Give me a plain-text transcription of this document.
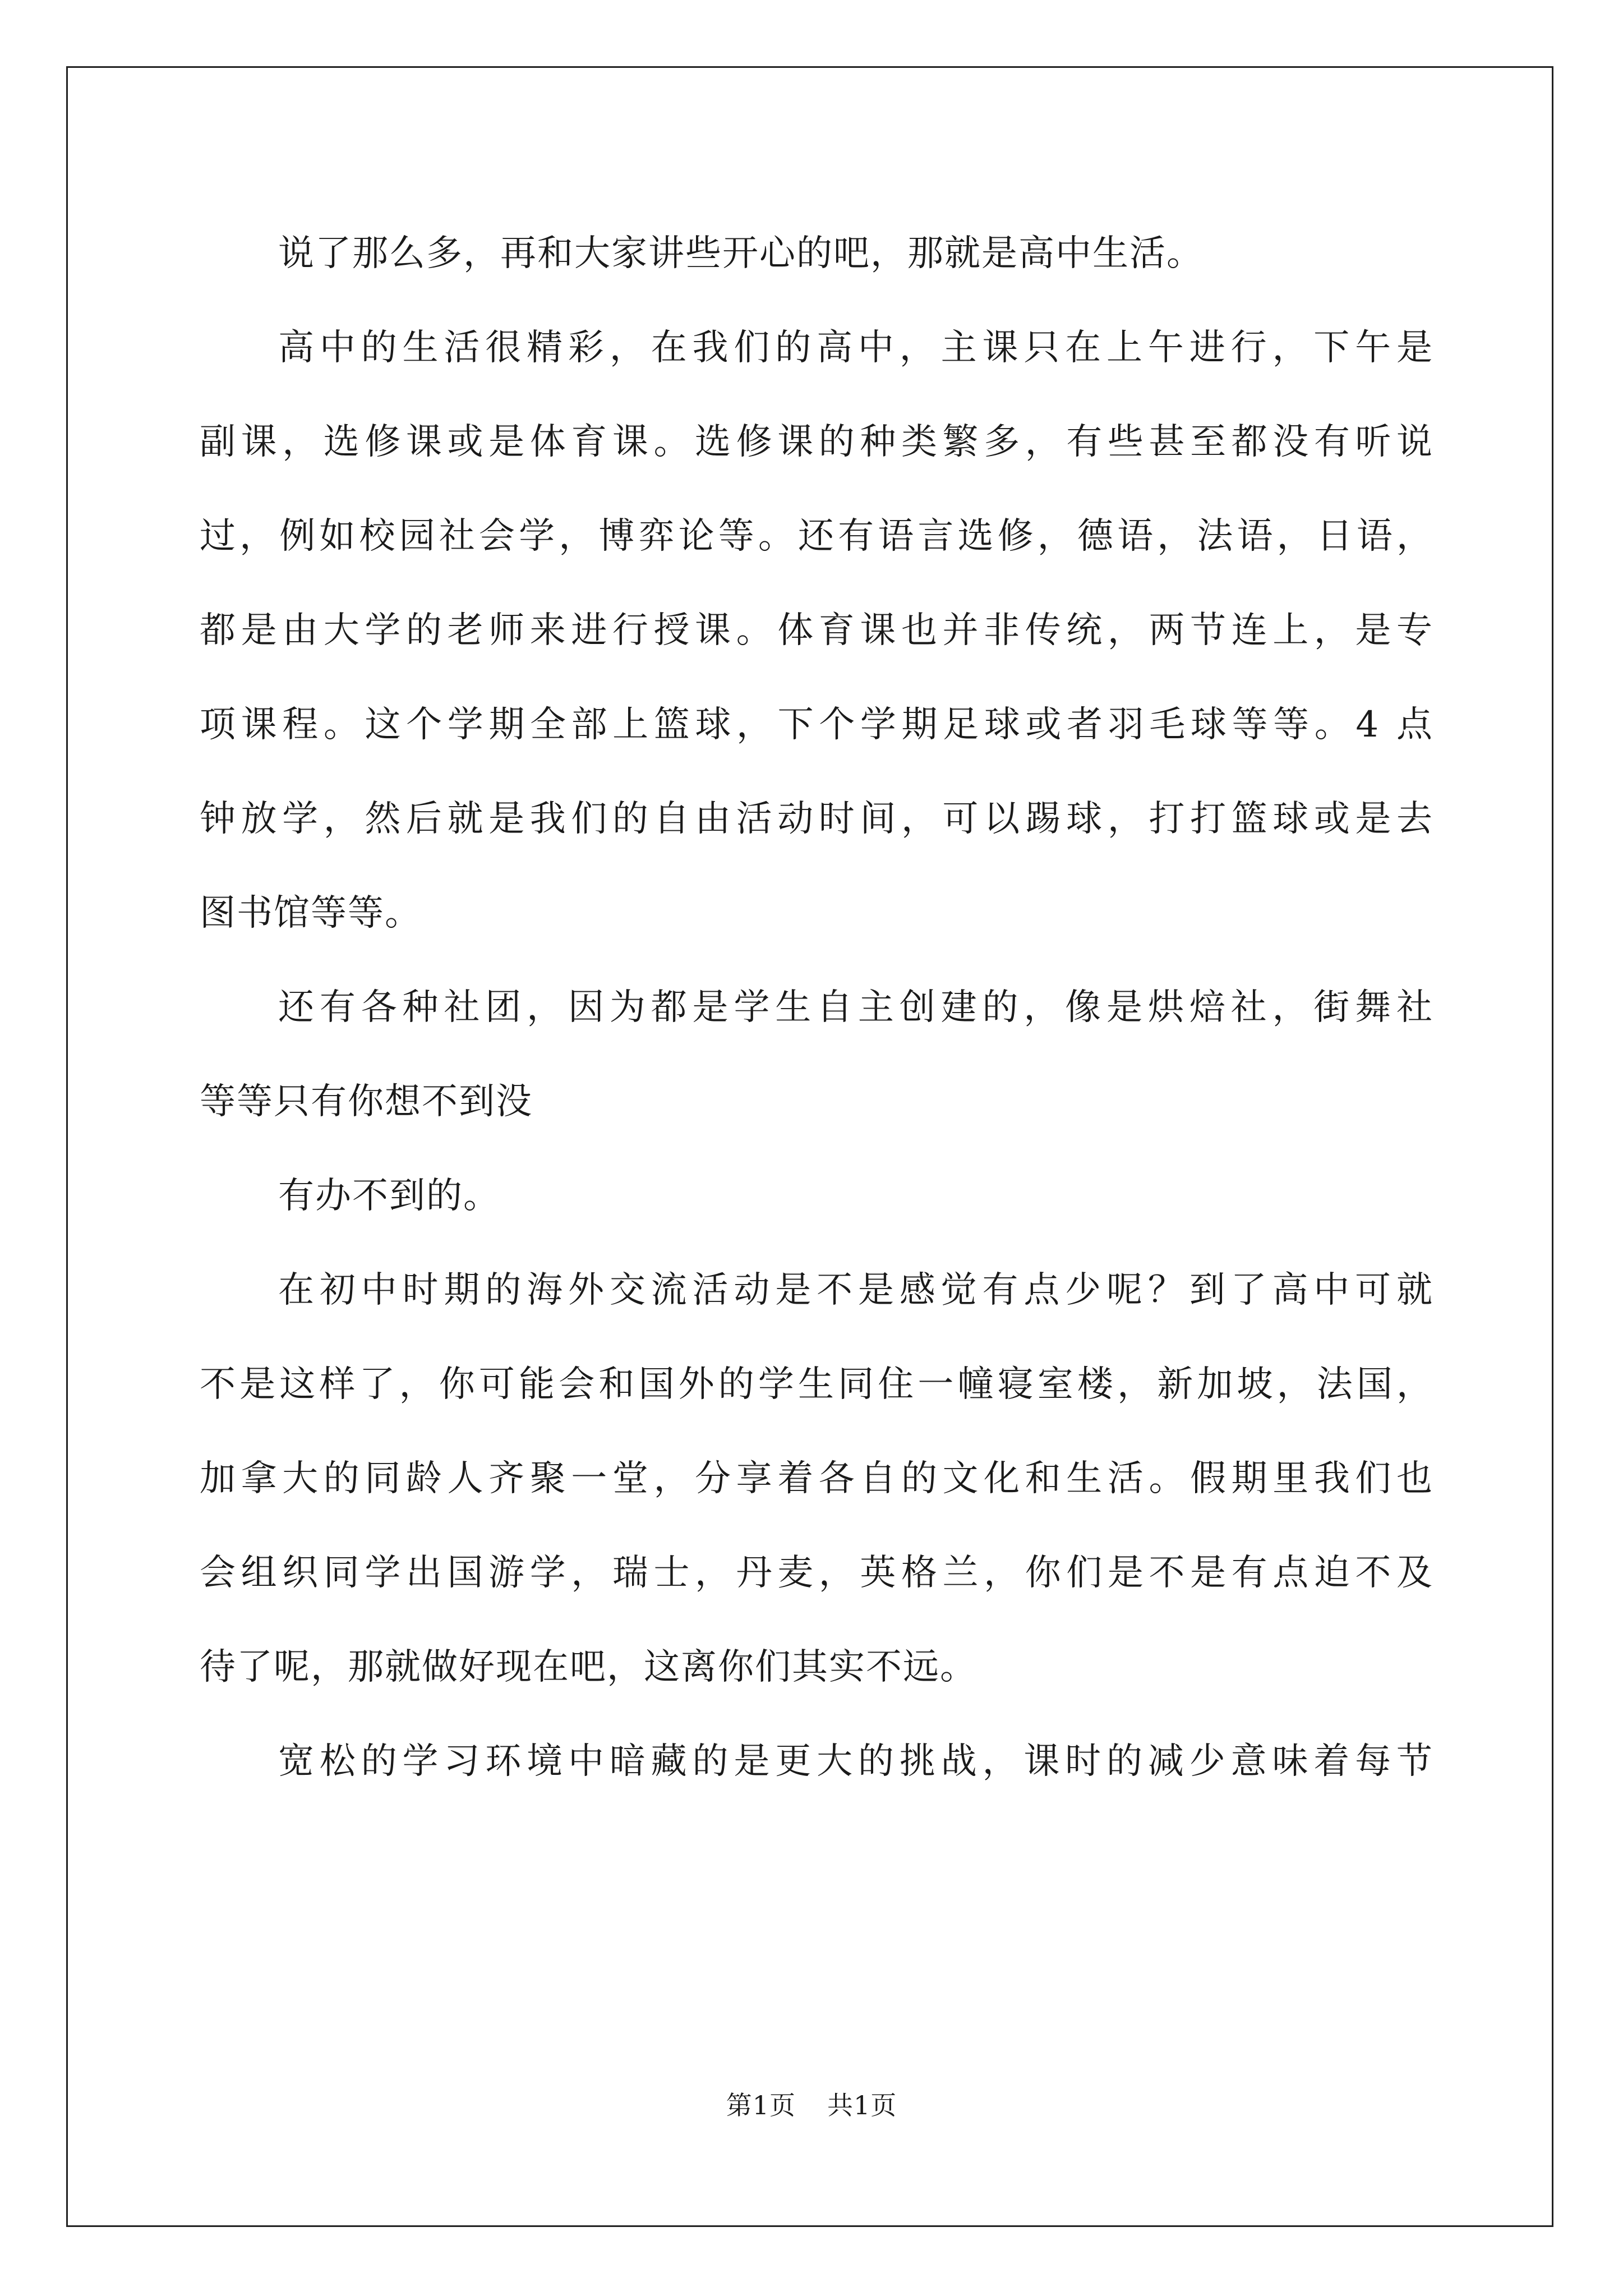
说了那么多，再和大家讲些开心的吧，那就是高中生活。
高中的生活很精彩，在我们的高中，主课只在上午进行，下午是
副课，选修课或是体育课。选修课的种类繁多，有些甚至都没有听说
过，例如校园社会学，博弈论等。还有语言选修，德语，法语，日语，
都是由大学的老师来进行授课。体育课也并非传统，两节连上，是专
项课程。这个学期全部上篮球，下个学期足球或者羽毛球等等。4 点
钟放学，然后就是我们的自由活动时间，可以踢球，打打篮球或是去
图书馆等等。
还有各种社团，因为都是学生自主创建的，像是烘焙社，街舞社
等等只有你想不到没
有办不到的。
在初中时期的海外交流活动是不是感觉有点少呢？到了高中可就
不是这样了，你可能会和国外的学生同住一幢寝室楼，新加坡，法国，
加拿大的同龄人齐聚一堂，分享着各自的文化和生活。假期里我们也
会组织同学出国游学，瑞士，丹麦，英格兰，你们是不是有点迫不及
待了呢，那就做好现在吧，这离你们其实不远。
宽松的学习环境中暗藏的是更大的挑战，课时的减少意味着每节
第1页 共1页
